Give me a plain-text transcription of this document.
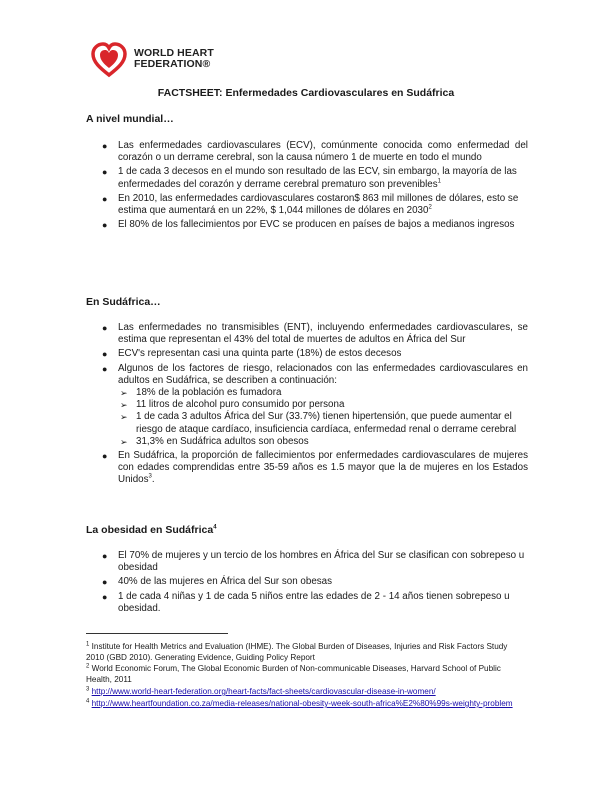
WORLD HEART
FEDERATION®
FACTSHEET: Enfermedades Cardiovasculares en Sudáfrica
A nivel mundial…
● Las enfermedades cardiovasculares (ECV), comúnmente conocida como enfermedad del corazón o un derrame cerebral, son la causa número 1 de muerte en todo el mundo
● 1 de cada 3 decesos en el mundo son resultado de las ECV, sin embargo, la mayoría de las enfermedades del corazón y derrame cerebral prematuro son prevenibles$^1$
● En 2010, las enfermedades cardiovasculares costaron$ 863 mil millones de dólares, esto se estima que aumentará en un 22%, $ 1,044 millones de dólares en 2030$^2$
● El 80% de los fallecimientos por EVC se producen en países de bajos a medianos ingresos
En Sudáfrica…
● Las enfermedades no transmisibles (ENT), incluyendo enfermedades cardiovasculares, se estima que representan el 43% del total de muertes de adultos en África del Sur
● ECV's representan casi una quinta parte (18%) de estos decesos
● Algunos de los factores de riesgo, relacionados con las enfermedades cardiovasculares en adultos en Sudáfrica, se describen a continuación:
➢ 18% de la población es fumadora
➢ 11 litros de alcohol puro consumido por persona
➢ 1 de cada 3 adultos África del Sur (33.7%) tienen hipertensión, que puede aumentar el riesgo de ataque cardíaco, insuficiencia cardíaca, enfermedad renal o derrame cerebral
➢ 31,3% en Sudáfrica adultos son obesos
● En Sudáfrica, la proporción de fallecimientos por enfermedades cardiovasculares de mujeres con edades comprendidas entre 35-59 años es 1.5 mayor que la de mujeres en los Estados Unidos$^3$.
La obesidad en Sudáfrica$^4$
● El 70% de mujeres y un tercio de los hombres en África del Sur se clasifican con sobrepeso u obesidad
● 40% de las mujeres en África del Sur son obesas
● 1 de cada 4 niñas y 1 de cada 5 niños entre las edades de 2 - 14 años tienen sobrepeso u obesidad.
$^1$ Institute for Health Metrics and Evaluation (IHME). The Global Burden of Diseases, Injuries and Risk Factors Study 2010 (GBD 2010). Generating Evidence, Guiding Policy Report
$^2$ World Economic Forum, The Global Economic Burden of Non-communicable Diseases, Harvard School of Public Health, 2011
$^3$ http://www.world-heart-federation.org/heart-facts/fact-sheets/cardiovascular-disease-in-women/
$^4$ http://www.heartfoundation.co.za/media-releases/national-obesity-week-south-africa%E2%80%99s-weighty-problem
